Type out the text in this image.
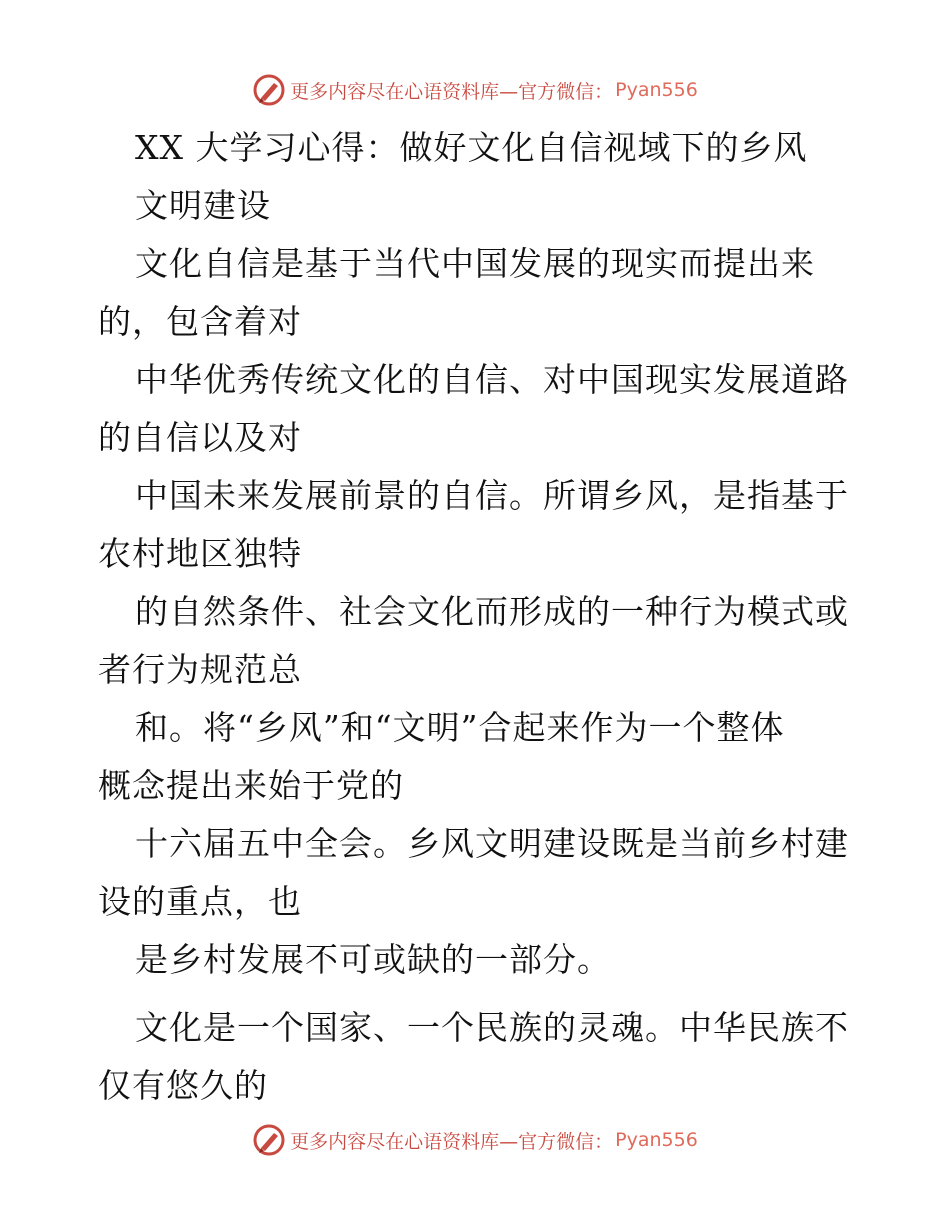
更多内容尽在心语资料库—官方微信： Pyan556
XX 大学习心得：做好文化自信视域下的乡风
文明建设
文化自信是基于当代中国发展的现实而提出来
的，包含着对
中华优秀传统文化的自信、对中国现实发展道路
的自信以及对
中国未来发展前景的自信。所谓乡风，是指基于
农村地区独特
的自然条件、社会文化而形成的一种行为模式或
者行为规范总
和。将“乡风”和“文明”合起来作为一个整体
概念提出来始于党的
十六届五中全会。乡风文明建设既是当前乡村建
设的重点，也
是乡村发展不可或缺的一部分。
文化是一个国家、一个民族的灵魂。中华民族不
仅有悠久的
更多内容尽在心语资料库—官方微信： Pyan556
